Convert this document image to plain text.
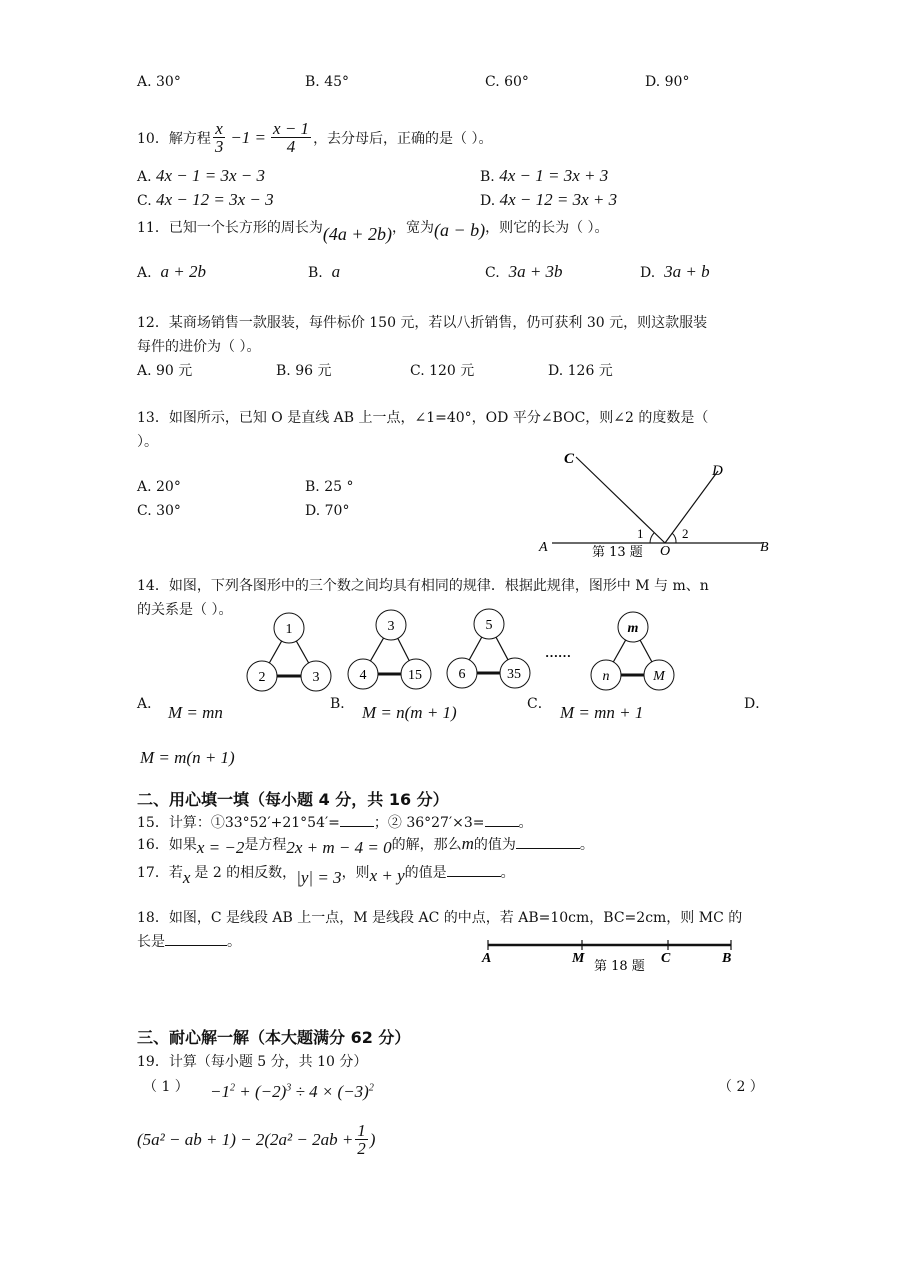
A. 30°	B. 45°	C. 60°	D. 90°
10．解方程 $\frac{x}{3} -1 = \frac{x - 1}{4}$ ，去分母后，正确的是（ ）。
A. 4x − 1 = 3x − 3	B. 4x − 1 = 3x + 3
C. 4x − 12 = 3x − 3	D. 4x − 12 = 3x + 3
11．已知一个长方形的周长为(4a + 2b)，宽为(a − b)，则它的长为（ ）。
A. a + 2b	B. a	C. 3a + 3b	D. 3a + b
12．某商场销售一款服装，每件标价 150 元，若以八折销售，仍可获利 30 元，则这款服装
每件的进价为（ ）。
A. 90 元	B. 96 元	C. 120 元	D. 126 元
13．如图所示，已知 O 是直线 AB 上一点，∠1=40°，OD 平分∠BOC，则∠2 的度数是（
）。
A. 20°	B. 25 °
C. 30°	D. 70°
C
D
A	B
O
1	2
第 13 题
14．如图，下列各图形中的三个数之间均具有相同的规律．根据此规律，图形中 M 与 m、n
的关系是（ ）。
1
2	3
3
4	15
5
6	35
……
m
n	M
A． M = mn	B． M = n(m + 1)	C． M = mn + 1	D．
M = m(n + 1)
二、用心填一填（每小题 4 分，共 16 分）
15．计算：①33°52′+21°54′= ；② 36°27′×3= 。
16．如果x = −2是方程2x + m − 4 = 0的解，那么m的值为	。
17．若x 是 2 的相反数，|y| = 3，则x + y的值是	。
18．如图，C 是线段 AB 上一点，M 是线段 AC 的中点，若 AB=10cm，BC=2cm，则 MC 的
长是	。
A	M	C	B
第 18 题
三、耐心解一解（本大题满分 62 分）
19．计算（每小题 5 分，共 10 分）
（ 1 ） $-1^2 + (-2)^3 \div 4 \times (-3)^2$	（ 2 ）
(5a² − ab + $1) - 2(2a^2 - 2ab + \frac{1}{2}$ )
